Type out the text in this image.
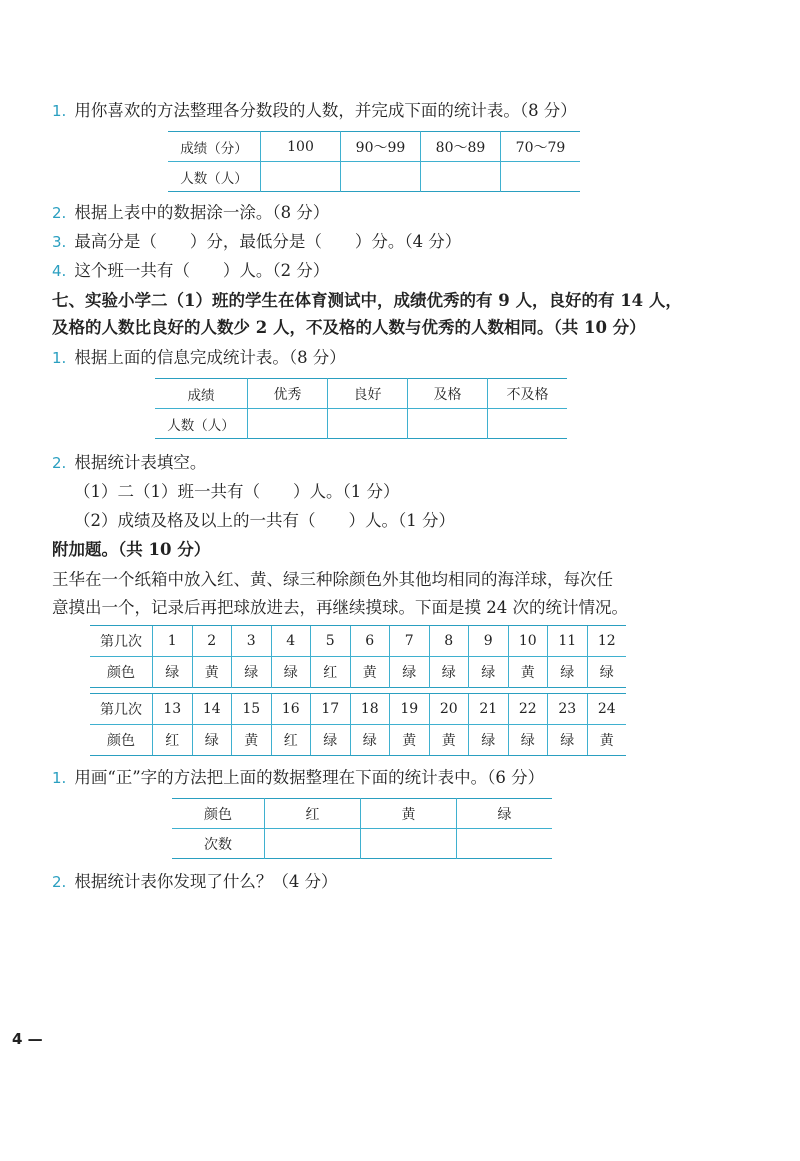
1. 用你喜欢的方法整理各分数段的人数，并完成下面的统计表。（8 分）
成绩（分）	100	90～99	80～89	70～79
人数（人）				
2. 根据上表中的数据涂一涂。（8 分）
3. 最高分是（　　）分，最低分是（　　）分。（4 分）
4. 这个班一共有（　　）人。（2 分）
七、实验小学二（1）班的学生在体育测试中，成绩优秀的有 9 人，良好的有 14 人，
及格的人数比良好的人数少 2 人，不及格的人数与优秀的人数相同。（共 10 分）
1. 根据上面的信息完成统计表。（8 分）
成绩	优秀	良好	及格	不及格
人数（人）				
2. 根据统计表填空。
（1）二（1）班一共有（　　）人。（1 分）
（2）成绩及格及以上的一共有（　　）人。（1 分）
附加题。（共 10 分）
王华在一个纸箱中放入红、黄、绿三种除颜色外其他均相同的海洋球，每次任
意摸出一个，记录后再把球放进去，再继续摸球。下面是摸 24 次的统计情况。
第几次	1	2	3	4	5	6	7	8	9	10	11	12
颜色	绿	黄	绿	绿	红	黄	绿	绿	绿	黄	绿	绿

第几次	13	14	15	16	17	18	19	20	21	22	23	24
颜色	红	绿	黄	红	绿	绿	黄	黄	绿	绿	绿	黄
1. 用画“正”字的方法把上面的数据整理在下面的统计表中。（6 分）
颜色	红	黄	绿
次数			
2. 根据统计表你发现了什么？（4 分）
4 —
